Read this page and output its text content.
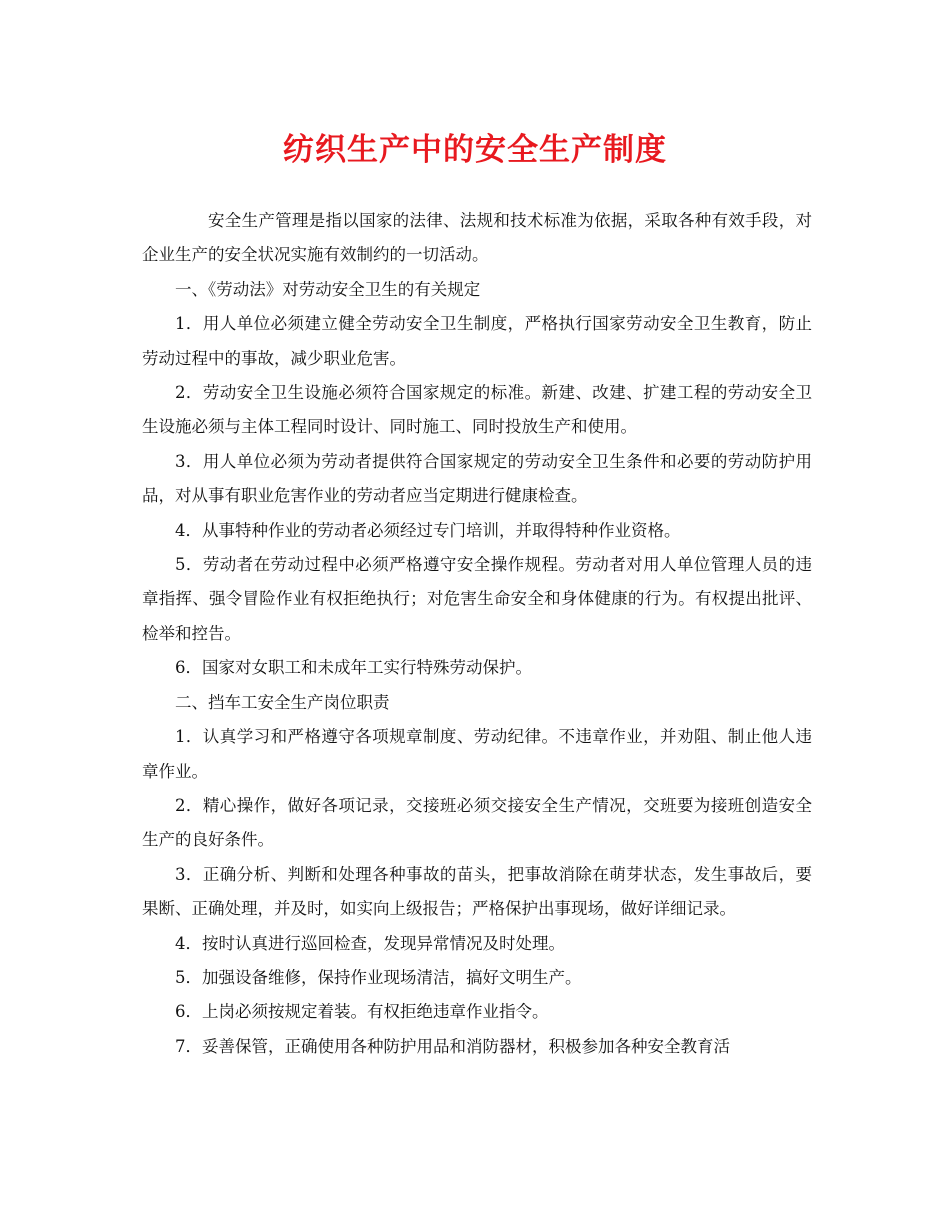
纺织生产中的安全生产制度

安全生产管理是指以国家的法律、法规和技术标准为依据，采取各种有效手段，对企业生产的安全状况实施有效制约的一切活动。

一、《劳动法》对劳动安全卫生的有关规定

1．用人单位必须建立健全劳动安全卫生制度，严格执行国家劳动安全卫生教育，防止劳动过程中的事故，减少职业危害。

2．劳动安全卫生设施必须符合国家规定的标准。新建、改建、扩建工程的劳动安全卫生设施必须与主体工程同时设计、同时施工、同时投放生产和使用。

3．用人单位必须为劳动者提供符合国家规定的劳动安全卫生条件和必要的劳动防护用品，对从事有职业危害作业的劳动者应当定期进行健康检查。

4．从事特种作业的劳动者必须经过专门培训，并取得特种作业资格。

5．劳动者在劳动过程中必须严格遵守安全操作规程。劳动者对用人单位管理人员的违章指挥、强令冒险作业有权拒绝执行；对危害生命安全和身体健康的行为。有权提出批评、检举和控告。

6．国家对女职工和未成年工实行特殊劳动保护。

二、挡车工安全生产岗位职责

1．认真学习和严格遵守各项规章制度、劳动纪律。不违章作业，并劝阻、制止他人违章作业。

2．精心操作，做好各项记录，交接班必须交接安全生产情况，交班要为接班创造安全生产的良好条件。

3．正确分析、判断和处理各种事故的苗头，把事故消除在萌芽状态，发生事故后，要果断、正确处理，并及时，如实向上级报告；严格保护出事现场，做好详细记录。

4．按时认真进行巡回检查，发现异常情况及时处理。

5．加强设备维修，保持作业现场清洁，搞好文明生产。

6．上岗必须按规定着装。有权拒绝违章作业指令。

7．妥善保管，正确使用各种防护用品和消防器材，积极参加各种安全教育活
